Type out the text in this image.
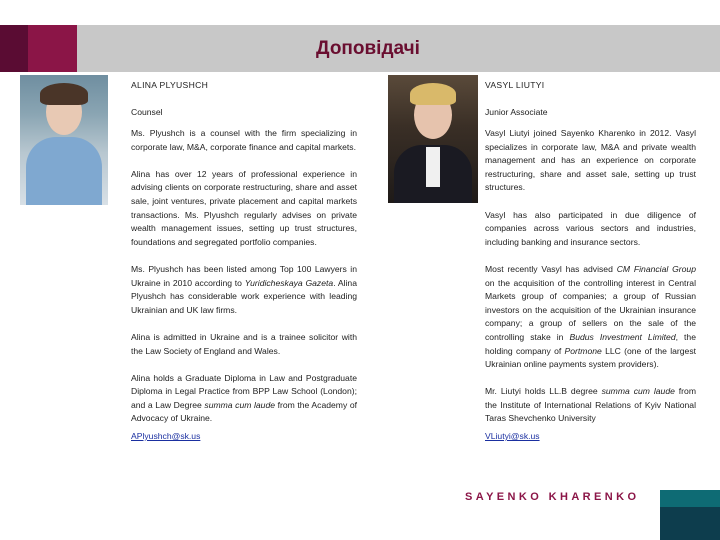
Доповідачі
ALINA PLYUSHCH
Counsel

Ms. Plyushch is a counsel with the firm specializing in corporate law, M&A, corporate finance and capital markets.

Alina has over 12 years of professional experience in advising clients on corporate restructuring, share and asset sale, joint ventures, private placement and capital markets transactions. Ms. Plyushch regularly advises on private wealth management issues, setting up trust structures, foundations and segregated portfolio companies.

Ms. Plyushch has been listed among Top 100 Lawyers in Ukraine in 2010 according to Yuridicheskaya Gazeta. Alina Plyushch has considerable work experience with leading Ukrainian and UK law firms.

Alina is admitted in Ukraine and is a trainee solicitor with the Law Society of England and Wales.

Alina holds a Graduate Diploma in Law and Postgraduate Diploma in Legal Practice from BPP Law School (London); and a Law Degree summa cum laude from the Academy of Advocacy of Ukraine.

APlyushch@sk.us
VASYL LIUTYI
Junior Associate

Vasyl Liutyi joined Sayenko Kharenko in 2012. Vasyl specializes in corporate law, M&A and private wealth management and has an experience on corporate restructuring, share and asset sale, setting up trust structures.

Vasyl has also participated in due diligence of companies across various sectors and industries, including banking and insurance sectors.

Most recently Vasyl has advised CM Financial Group on the acquisition of the controlling interest in Central Markets group of companies; a group of Russian investors on the acquisition of the Ukrainian insurance company; a group of sellers on the sale of the controlling stake in Budus Investment Limited, the holding company of Portmone LLC (one of the largest Ukrainian online payments system providers).

Mr. Liutyi holds LL.B degree summa cum laude from the Institute of International Relations of Kyiv National Taras Shevchenko University

VLiutyi@sk.us
SAYENKO KHARENKO
